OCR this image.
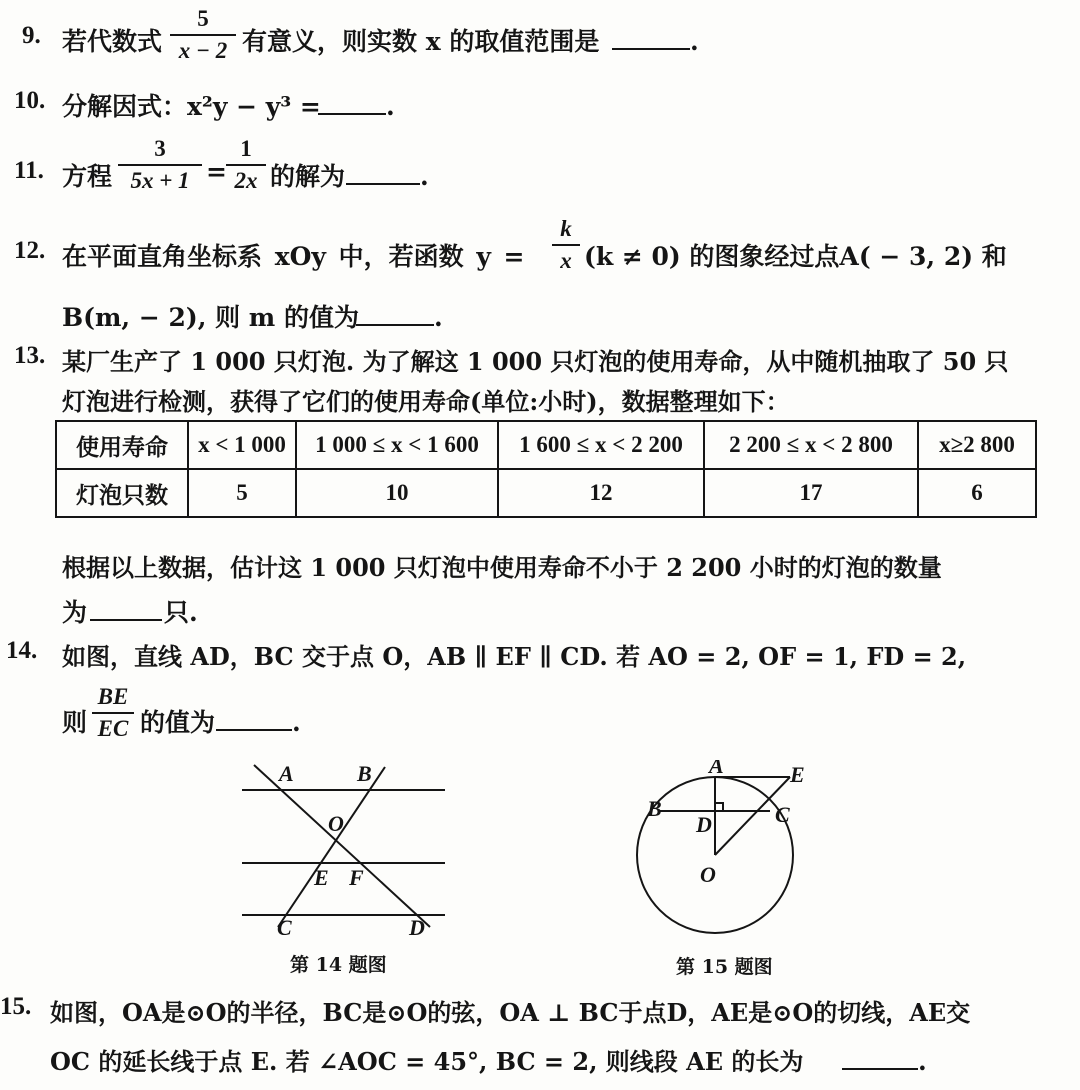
9. 若代数式
5
x − 2 有意义，则实数 x 的取值范围是	.
10. 分解因式：x²y − y³ =	.
11. 方程
3
5x + 1 =
1
2x 的解为	.
12. 在平面直角坐标系 xOy 中，若函数 y =
k
x (k ≠ 0) 的图象经过点A( − 3, 2) 和
B(m, − 2), 则 m 的值为	.
13. 某厂生产了 1 000 只灯泡. 为了解这 1 000 只灯泡的使用寿命，从中随机抽取了 50 只
灯泡进行检测，获得了它们的使用寿命(单位:小时)，数据整理如下：
使用寿命	x < 1 000	1 000 ≤ x < 1 600	1 600 ≤ x < 2 200	2 200 ≤ x < 2 800	x≥2 800
灯泡只数	5	10	12	17	6
根据以上数据，估计这 1 000 只灯泡中使用寿命不小于 2 200 小时的灯泡的数量
为	只.
14. 如图，直线 AD，BC 交于点 O，AB ∥ EF ∥ CD. 若 AO = 2, OF = 1, FD = 2,
则
BE
EC 的值为	.
A	B
O
E F
C	D
第 14 题图
A	E
B	C
D
O
第 15 题图
15. 如图，OA是⊙O的半径，BC是⊙O的弦，OA ⊥ BC于点D，AE是⊙O的切线，AE交
OC 的延长线于点 E. 若 ∠AOC = 45°, BC = 2, 则线段 AE 的长为	.
